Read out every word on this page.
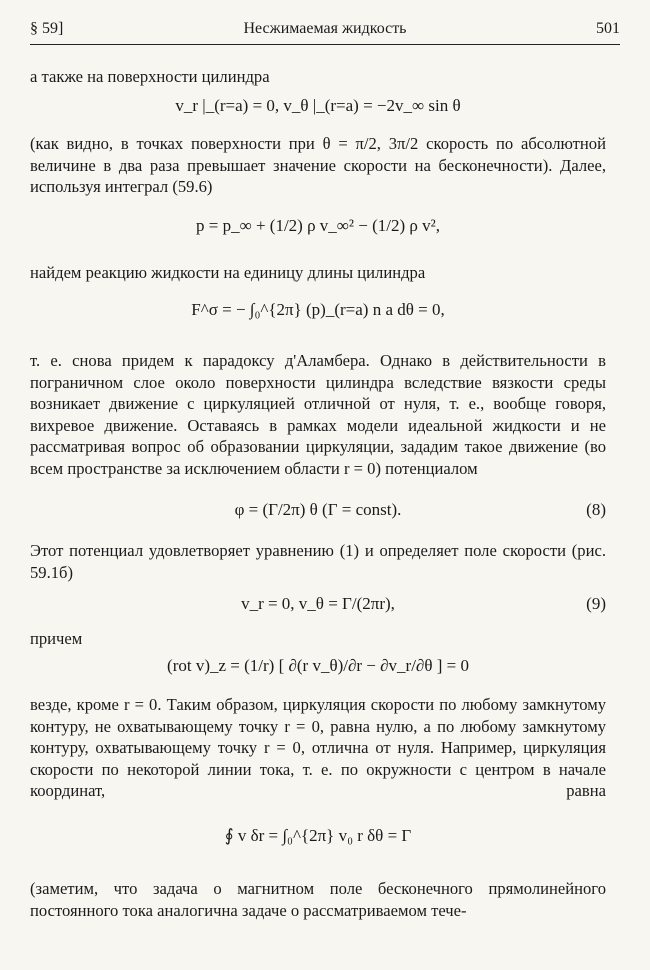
§ 59]	Несжимаемая жидкость	501
а также на поверхности цилиндра
v_r |_(r=a) = 0, v_θ |_(r=a) = −2v_∞ sin θ
(как видно, в точках поверхности при θ = π/2, 3π/2 скорость по абсолютной величине в два раза превышает значение скорости на бесконечности). Далее, используя интеграл (59.6)
p = p_∞ + (1/2) ρ v_∞² − (1/2) ρ v²,
найдем реакцию жидкости на единицу длины цилиндра
F^σ = − ∫₀^{2π} (p)_(r=a) n a dθ = 0,
т. е. снова придем к парадоксу д'Аламбера. Однако в действительности в пограничном слое около поверхности цилиндра вследствие вязкости среды возникает движение с циркуляцией отличной от нуля, т. е., вообще говоря, вихревое движение. Оставаясь в рамках модели идеальной жидкости и не рассматривая вопрос об образовании циркуляции, зададим такое движение (во всем пространстве за исключением области r = 0) потенциалом
φ = (Γ/2π) θ (Γ = const).	(8)
Этот потенциал удовлетворяет уравнению (1) и определяет поле скорости (рис. 59.1б)
v_r = 0, v_θ = Γ/(2πr),	(9)
причем
(rot v)_z = (1/r) [ ∂(r v_θ)/∂r − ∂v_r/∂θ ] = 0
везде, кроме r = 0. Таким образом, циркуляция скорости по любому замкнутому контуру, не охватывающему точку r = 0, равна нулю, а по любому замкнутому контуру, охватывающему точку r = 0, отлична от нуля. Например, циркуляция скорости по некоторой линии тока, т. е. по окружности с центром в начале координат, равна
∮ v δr = ∫₀^{2π} v₀ r δθ = Γ
(заметим, что задача о магнитном поле бесконечного прямолинейного постоянного тока аналогична задаче о рассматриваемом тече-
